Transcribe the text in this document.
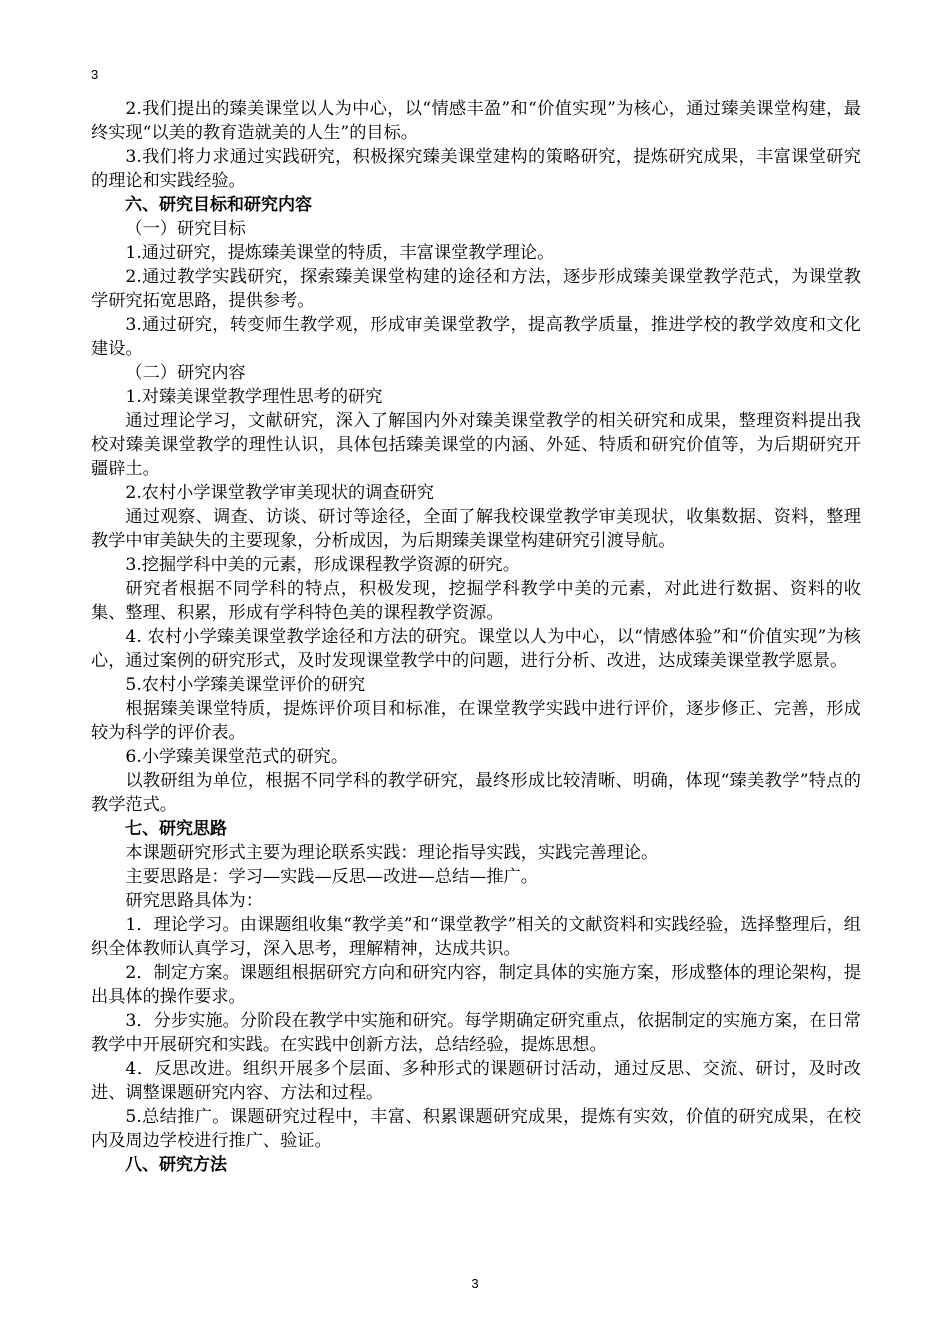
3
2.我们提出的臻美课堂以人为中心，以“情感丰盈”和“价值实现”为核心，通过臻美课堂构建，最终实现“以美的教育造就美的人生”的目标。
3.我们将力求通过实践研究，积极探究臻美课堂建构的策略研究，提炼研究成果，丰富课堂研究的理论和实践经验。
六、研究目标和研究内容
（一）研究目标
1.通过研究，提炼臻美课堂的特质，丰富课堂教学理论。
2.通过教学实践研究，探索臻美课堂构建的途径和方法，逐步形成臻美课堂教学范式，为课堂教学研究拓宽思路，提供参考。
3.通过研究，转变师生教学观，形成审美课堂教学，提高教学质量，推进学校的教学效度和文化建设。
（二）研究内容
1.对臻美课堂教学理性思考的研究
通过理论学习，文献研究，深入了解国内外对臻美课堂教学的相关研究和成果，整理资料提出我校对臻美课堂教学的理性认识，具体包括臻美课堂的内涵、外延、特质和研究价值等，为后期研究开疆辟土。
2.农村小学课堂教学审美现状的调查研究
通过观察、调查、访谈、研讨等途径，全面了解我校课堂教学审美现状，收集数据、资料，整理教学中审美缺失的主要现象，分析成因，为后期臻美课堂构建研究引渡导航。
3.挖掘学科中美的元素，形成课程教学资源的研究。
研究者根据不同学科的特点，积极发现，挖掘学科教学中美的元素，对此进行数据、资料的收集、整理、积累，形成有学科特色美的课程教学资源。
4. 农村小学臻美课堂教学途径和方法的研究。课堂以人为中心，以“情感体验”和“价值实现”为核心，通过案例的研究形式，及时发现课堂教学中的问题，进行分析、改进，达成臻美课堂教学愿景。
5.农村小学臻美课堂评价的研究
根据臻美课堂特质，提炼评价项目和标准，在课堂教学实践中进行评价，逐步修正、完善，形成较为科学的评价表。
6.小学臻美课堂范式的研究。
以教研组为单位，根据不同学科的教学研究，最终形成比较清晰、明确，体现“臻美教学”特点的教学范式。
七、研究思路
本课题研究形式主要为理论联系实践：理论指导实践，实践完善理论。
主要思路是：学习—实践—反思—改进—总结—推广。
研究思路具体为：
1．理论学习。由课题组收集“教学美”和“课堂教学”相关的文献资料和实践经验，选择整理后，组织全体教师认真学习，深入思考，理解精神，达成共识。
2．制定方案。课题组根据研究方向和研究内容，制定具体的实施方案，形成整体的理论架构，提出具体的操作要求。
3．分步实施。分阶段在教学中实施和研究。每学期确定研究重点，依据制定的实施方案，在日常教学中开展研究和实践。在实践中创新方法，总结经验，提炼思想。
4．反思改进。组织开展多个层面、多种形式的课题研讨活动，通过反思、交流、研讨，及时改进、调整课题研究内容、方法和过程。
5.总结推广。课题研究过程中，丰富、积累课题研究成果，提炼有实效，价值的研究成果，在校内及周边学校进行推广、验证。
八、研究方法
3
